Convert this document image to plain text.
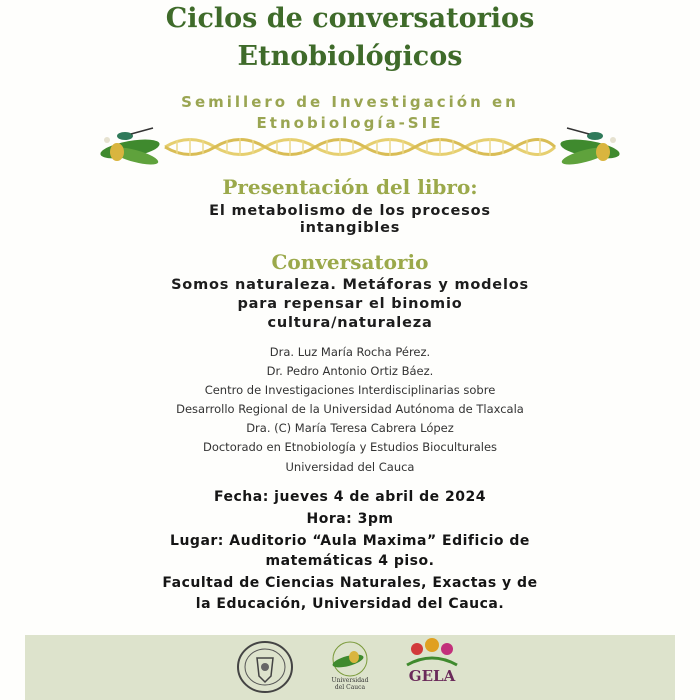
Ciclos de conversatorios
Etnobiológicos
Semillero de Investigación en
Etnobiología-SIE
Presentación del libro:
El metabolismo de los procesos
intangibles
Conversatorio
Somos naturaleza. Metáforas y modelos
para repensar el binomio
cultura/naturaleza
Dra. Luz María Rocha Pérez.
Dr. Pedro Antonio Ortiz Báez.
Centro de Investigaciones Interdisciplinarias sobre
Desarrollo Regional de la Universidad Autónoma de Tlaxcala
Dra. (C) María Teresa Cabrera López
Doctorado en Etnobiología y Estudios Bioculturales
Universidad del Cauca
Fecha: jueves 4 de abril de 2024
Hora: 3pm
Lugar: Auditorio “Aula Maxima” Edificio de
matemáticas 4 piso.
Facultad de Ciencias Naturales, Exactas y de
la Educación, Universidad del Cauca.
Universidad
del Cauca
GELA
